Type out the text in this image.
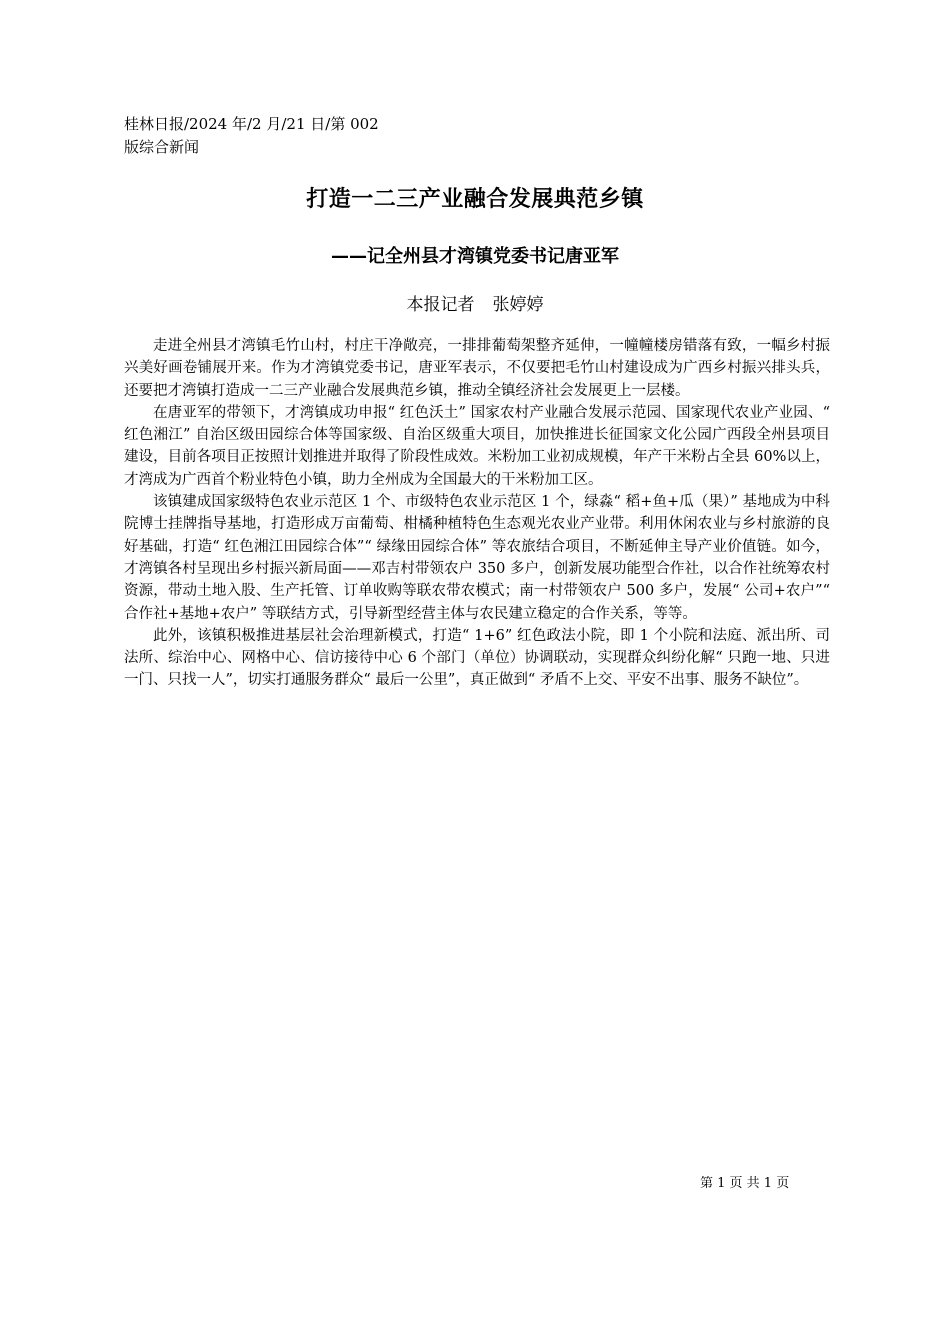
桂林日报/2024 年/2 月/21 日/第 002
版综合新闻
打造一二三产业融合发展典范乡镇
——记全州县才湾镇党委书记唐亚军
本报记者 张婷婷

走进全州县才湾镇毛竹山村，村庄干净敞亮，一排排葡萄架整齐延伸，一幢幢楼房错落有致，一幅乡村振兴美好画卷铺展开来。作为才湾镇党委书记，唐亚军表示，不仅要把毛竹山村建设成为广西乡村振兴排头兵，还要把才湾镇打造成一二三产业融合发展典范乡镇，推动全镇经济社会发展更上一层楼。

在唐亚军的带领下，才湾镇成功申报“ 红色沃土” 国家农村产业融合发展示范园、国家现代农业产业园、“ 红色湘江” 自治区级田园综合体等国家级、自治区级重大项目，加快推进长征国家文化公园广西段全州县项目建设，目前各项目正按照计划推进并取得了阶段性成效。米粉加工业初成规模，年产干米粉占全县 60%以上，才湾成为广西首个粉业特色小镇，助力全州成为全国最大的干米粉加工区。

该镇建成国家级特色农业示范区 1 个、市级特色农业示范区 1 个，绿淼“ 稻+鱼+瓜（果）” 基地成为中科院博士挂牌指导基地，打造形成万亩葡萄、柑橘种植特色生态观光农业产业带。利用休闲农业与乡村旅游的良好基础，打造“ 红色湘江田园综合体”“ 绿缘田园综合体” 等农旅结合项目，不断延伸主导产业价值链。如今，才湾镇各村呈现出乡村振兴新局面——邓吉村带领农户 350 多户，创新发展功能型合作社，以合作社统筹农村资源，带动土地入股、生产托管、订单收购等联农带农模式；南一村带领农户 500 多户，发展“ 公司+农户”“ 合作社+基地+农户” 等联结方式，引导新型经营主体与农民建立稳定的合作关系，等等。

此外，该镇积极推进基层社会治理新模式，打造“ 1+6” 红色政法小院，即 1 个小院和法庭、派出所、司法所、综治中心、网格中心、信访接待中心 6 个部门（单位）协调联动，实现群众纠纷化解“ 只跑一地、只进一门、只找一人”，切实打通服务群众“ 最后一公里”，真正做到“ 矛盾不上交、平安不出事、服务不缺位”。

第 1 页 共 1 页
